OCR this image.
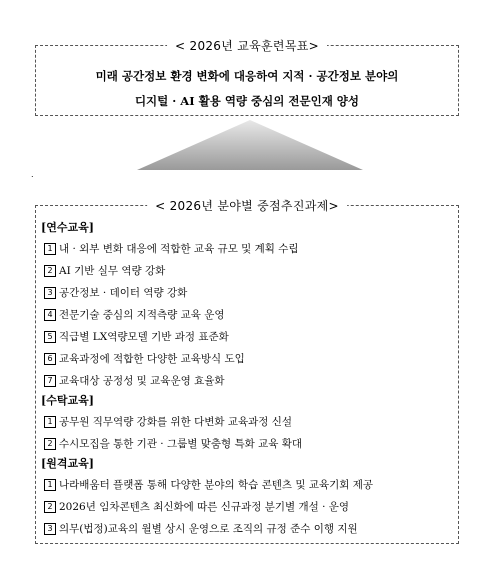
< 2026년 교육훈련목표>
미래 공간정보 환경 변화에 대응하여 지적 · 공간정보 분야의
디지털 · AI 활용 역량 중심의 전문인재 양성
.
< 2026년 분야별 중점추진과제>
[연수교육]
1 내 · 외부 변화 대응에 적합한 교육 규모 및 계획 수립
2 AI 기반 실무 역량 강화
3 공간정보 · 데이터 역량 강화
4 전문기술 중심의 지적측량 교육 운영
5 직급별 LX역량모델 기반 과정 표준화
6 교육과정에 적합한 다양한 교육방식 도입
7 교육대상 공정성 및 교육운영 효율화
[수탁교육]
1 공무원 직무역량 강화를 위한 다변화 교육과정 신설
2 수시모집을 통한 기관 · 그룹별 맞춤형 특화 교육 확대
[원격교육]
1 나라배움터 플랫폼 통해 다양한 분야의 학습 콘텐츠 및 교육기회 제공
2 2026년 임차콘텐츠 최신화에 따른 신규과정 분기별 개설 · 운영
3 의무(법정)교육의 월별 상시 운영으로 조직의 규정 준수 이행 지원
